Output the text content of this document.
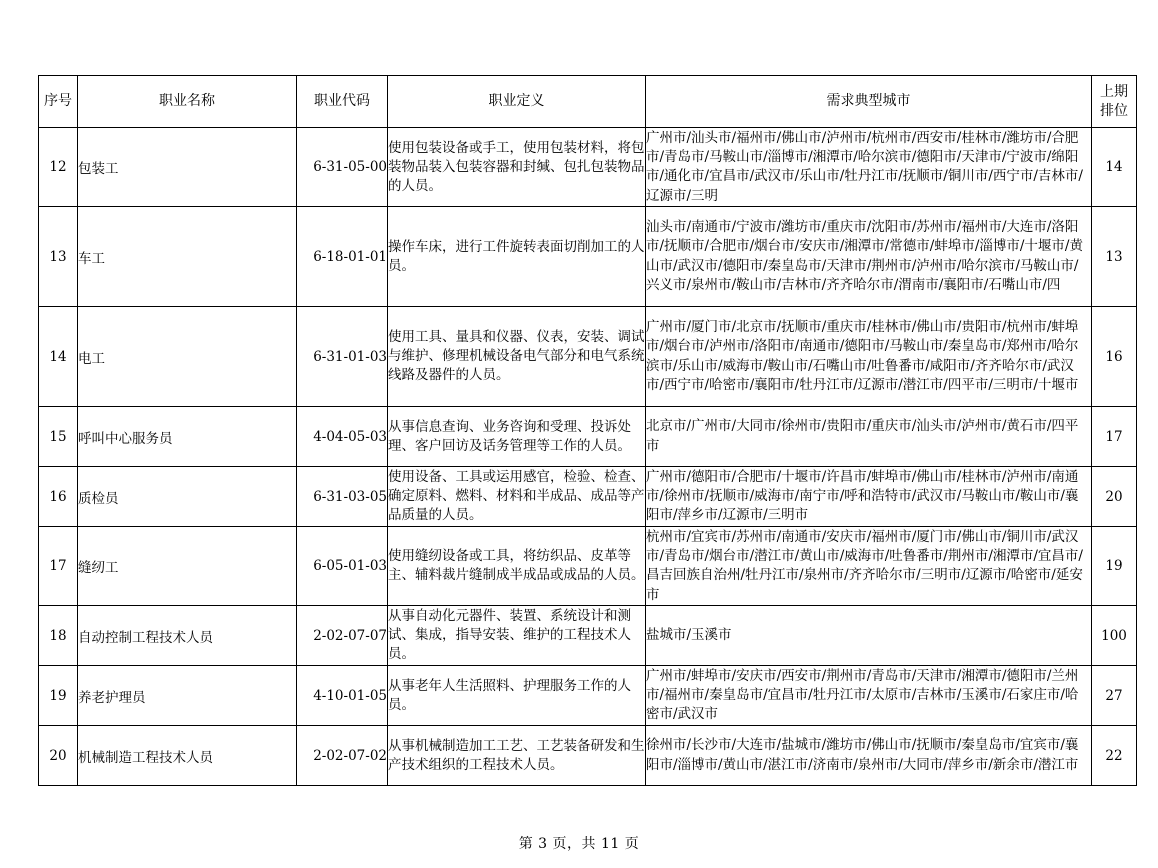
序号	职业名称	职业代码	职业定义	需求典型城市	上期排位
12	包装工	6-31-05-00	使用包装设备或手工，使用包装材料，将包装物品装入包装容器和封缄、包扎包装物品的人员。	广州市/汕头市/福州市/佛山市/泸州市/杭州市/西安市/桂林市/潍坊市/合肥市/青岛市/马鞍山市/淄博市/湘潭市/哈尔滨市/德阳市/天津市/宁波市/绵阳市/通化市/宜昌市/武汉市/乐山市/牡丹江市/抚顺市/铜川市/西宁市/吉林市/辽源市/三明	14
13	车工	6-18-01-01	操作车床，进行工件旋转表面切削加工的人员。	汕头市/南通市/宁波市/潍坊市/重庆市/沈阳市/苏州市/福州市/大连市/洛阳市/抚顺市/合肥市/烟台市/安庆市/湘潭市/常德市/蚌埠市/淄博市/十堰市/黄山市/武汉市/德阳市/秦皇岛市/天津市/荆州市/泸州市/哈尔滨市/马鞍山市/兴义市/泉州市/鞍山市/吉林市/齐齐哈尔市/渭南市/襄阳市/石嘴山市/四	13
14	电工	6-31-01-03	使用工具、量具和仪器、仪表，安装、调试与维护、修理机械设备电气部分和电气系统线路及器件的人员。	广州市/厦门市/北京市/抚顺市/重庆市/桂林市/佛山市/贵阳市/杭州市/蚌埠市/烟台市/泸州市/洛阳市/南通市/德阳市/马鞍山市/秦皇岛市/郑州市/哈尔滨市/乐山市/威海市/鞍山市/石嘴山市/吐鲁番市/咸阳市/齐齐哈尔市/武汉市/西宁市/哈密市/襄阳市/牡丹江市/辽源市/潜江市/四平市/三明市/十堰市	16
15	呼叫中心服务员	4-04-05-03	从事信息查询、业务咨询和受理、投诉处理、客户回访及话务管理等工作的人员。	北京市/广州市/大同市/徐州市/贵阳市/重庆市/汕头市/泸州市/黄石市/四平市	17
16	质检员	6-31-03-05	使用设备、工具或运用感官，检验、检查、确定原料、燃料、材料和半成品、成品等产品质量的人员。	广州市/德阳市/合肥市/十堰市/许昌市/蚌埠市/佛山市/桂林市/泸州市/南通市/徐州市/抚顺市/威海市/南宁市/呼和浩特市/武汉市/马鞍山市/鞍山市/襄阳市/萍乡市/辽源市/三明市	20
17	缝纫工	6-05-01-03	使用缝纫设备或工具，将纺织品、皮革等主、辅料裁片缝制成半成品或成品的人员。	杭州市/宜宾市/苏州市/南通市/安庆市/福州市/厦门市/佛山市/铜川市/武汉市/青岛市/烟台市/潜江市/黄山市/威海市/吐鲁番市/荆州市/湘潭市/宜昌市/昌吉回族自治州/牡丹江市/泉州市/齐齐哈尔市/三明市/辽源市/哈密市/延安市	19
18	自动控制工程技术人员	2-02-07-07	从事自动化元器件、装置、系统设计和测试、集成，指导安装、维护的工程技术人员。	盐城市/玉溪市	100
19	养老护理员	4-10-01-05	从事老年人生活照料、护理服务工作的人员。	广州市/蚌埠市/安庆市/西安市/荆州市/青岛市/天津市/湘潭市/德阳市/兰州市/福州市/秦皇岛市/宜昌市/牡丹江市/太原市/吉林市/玉溪市/石家庄市/哈密市/武汉市	27
20	机械制造工程技术人员	2-02-07-02	从事机械制造加工工艺、工艺装备研发和生产技术组织的工程技术人员。	徐州市/长沙市/大连市/盐城市/潍坊市/佛山市/抚顺市/秦皇岛市/宜宾市/襄阳市/淄博市/黄山市/湛江市/济南市/泉州市/大同市/萍乡市/新余市/潜江市	22
第 3 页，共 11 页
